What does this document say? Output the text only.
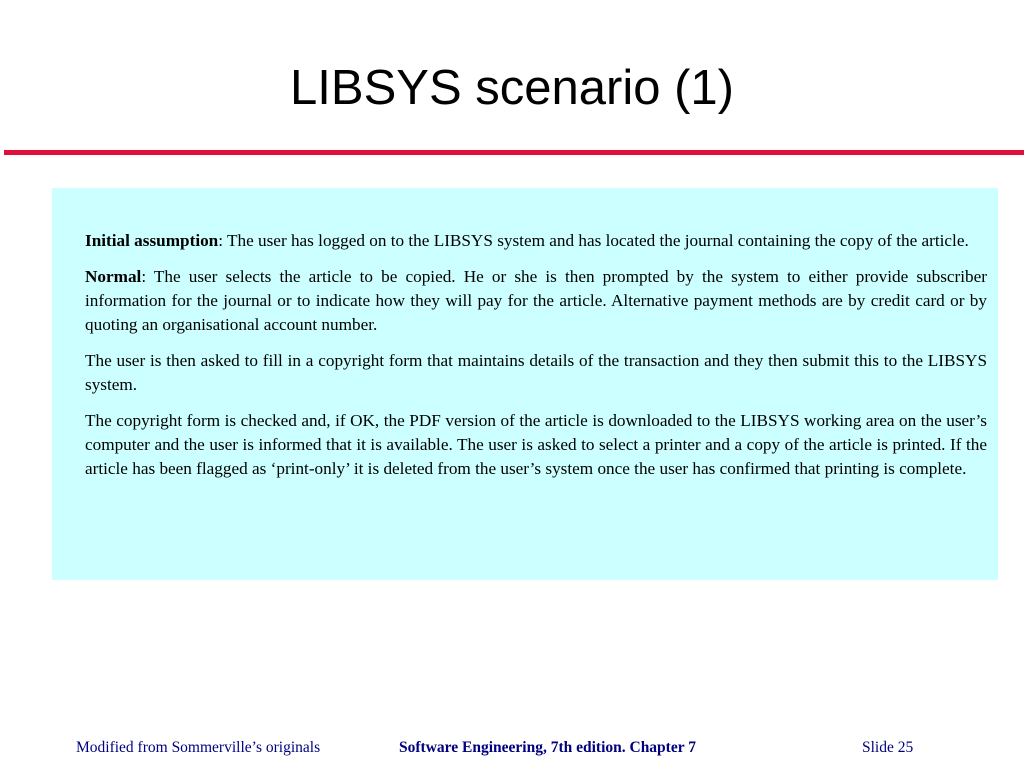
LIBSYS scenario (1)

Initial assumption: The user has logged on to the LIBSYS system and has located the journal containing the copy of the article.

Normal: The user selects the article to be copied. He or she is then prompted by the system to either provide subscriber information for the journal or to indicate how they will pay for the article. Alternative payment methods are by credit card or by quoting an organisational account number.

The user is then asked to fill in a copyright form that maintains details of the transaction and they then submit this to the LIBSYS system.

The copyright form is checked and, if OK, the PDF version of the article is downloaded to the LIBSYS working area on the user’s computer and the user is informed that it is available. The user is asked to select a printer and a copy of the article is printed. If the article has been flagged as ‘print-only’ it is deleted from the user’s system once the user has confirmed that printing is complete.

Modified from Sommerville’s originals	Software Engineering, 7th edition. Chapter 7	Slide 25
